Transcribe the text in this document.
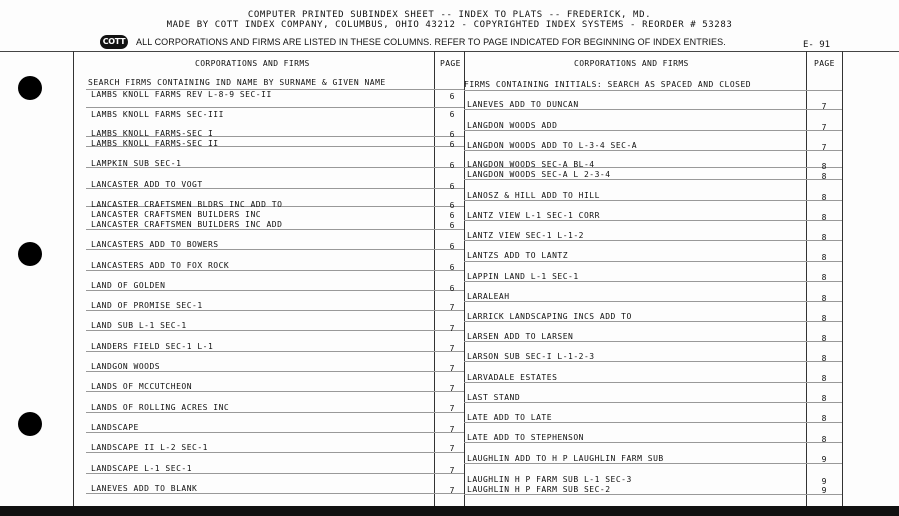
COMPUTER PRINTED SUBINDEX SHEET -- INDEX TO PLATS -- FREDERICK, MD.
MADE BY COTT INDEX COMPANY, COLUMBUS, OHIO 43212 - COPYRIGHTED INDEX SYSTEMS - REORDER # 53283
COTT	ALL CORPORATIONS AND FIRMS ARE LISTED IN THESE COLUMNS. REFER TO PAGE INDICATED FOR BEGINNING OF INDEX ENTRIES.	E- 91
CORPORATIONS AND FIRMS	PAGE	CORPORATIONS AND FIRMS	PAGE
SEARCH FIRMS CONTAINING IND NAME BY SURNAME & GIVEN NAME
LAMBS KNOLL FARMS REV L-8-9 SEC-II	6
LAMBS KNOLL FARMS SEC-III	6
LAMBS KNOLL FARMS-SEC I	6
LAMBS KNOLL FARMS-SEC II	6
LAMPKIN SUB SEC-1	6
LANCASTER ADD TO VOGT	6
LANCASTER CRAFTSMEN BLDRS INC ADD TO	6
LANCASTER CRAFTSMEN BUILDERS INC	6
LANCASTER CRAFTSMEN BUILDERS INC ADD	6
LANCASTERS ADD TO BOWERS	6
LANCASTERS ADD TO FOX ROCK	6
LAND OF GOLDEN	6
LAND OF PROMISE SEC-1	7
LAND SUB L-1 SEC-1	7
LANDERS FIELD SEC-1 L-1	7
LANDGON WOODS	7
LANDS OF MCCUTCHEON	7
LANDS OF ROLLING ACRES INC	7
LANDSCAPE	7
LANDSCAPE II L-2 SEC-1	7
LANDSCAPE L-1 SEC-1	7
LANEVES ADD TO BLANK	7
FIRMS CONTAINING INITIALS: SEARCH AS SPACED AND CLOSED
LANEVES ADD TO DUNCAN	7
LANGDON WOODS ADD	7
LANGDON WOODS ADD TO L-3-4 SEC-A	7
LANGDON WOODS SEC-A BL-4	8
LANGDON WOODS SEC-A L 2-3-4	8
LANOSZ & HILL ADD TO HILL	8
LANTZ VIEW L-1 SEC-1 CORR	8
LANTZ VIEW SEC-1 L-1-2	8
LANTZS ADD TO LANTZ	8
LAPPIN LAND L-1 SEC-1	8
LARALEAH	8
LARRICK LANDSCAPING INCS ADD TO	8
LARSEN ADD TO LARSEN	8
LARSON SUB SEC-I L-1-2-3	8
LARVADALE ESTATES	8
LAST STAND	8
LATE ADD TO LATE	8
LATE ADD TO STEPHENSON	8
LAUGHLIN ADD TO H P LAUGHLIN FARM SUB	9
LAUGHLIN H P FARM SUB L-1 SEC-3	9
LAUGHLIN H P FARM SUB SEC-2	9
